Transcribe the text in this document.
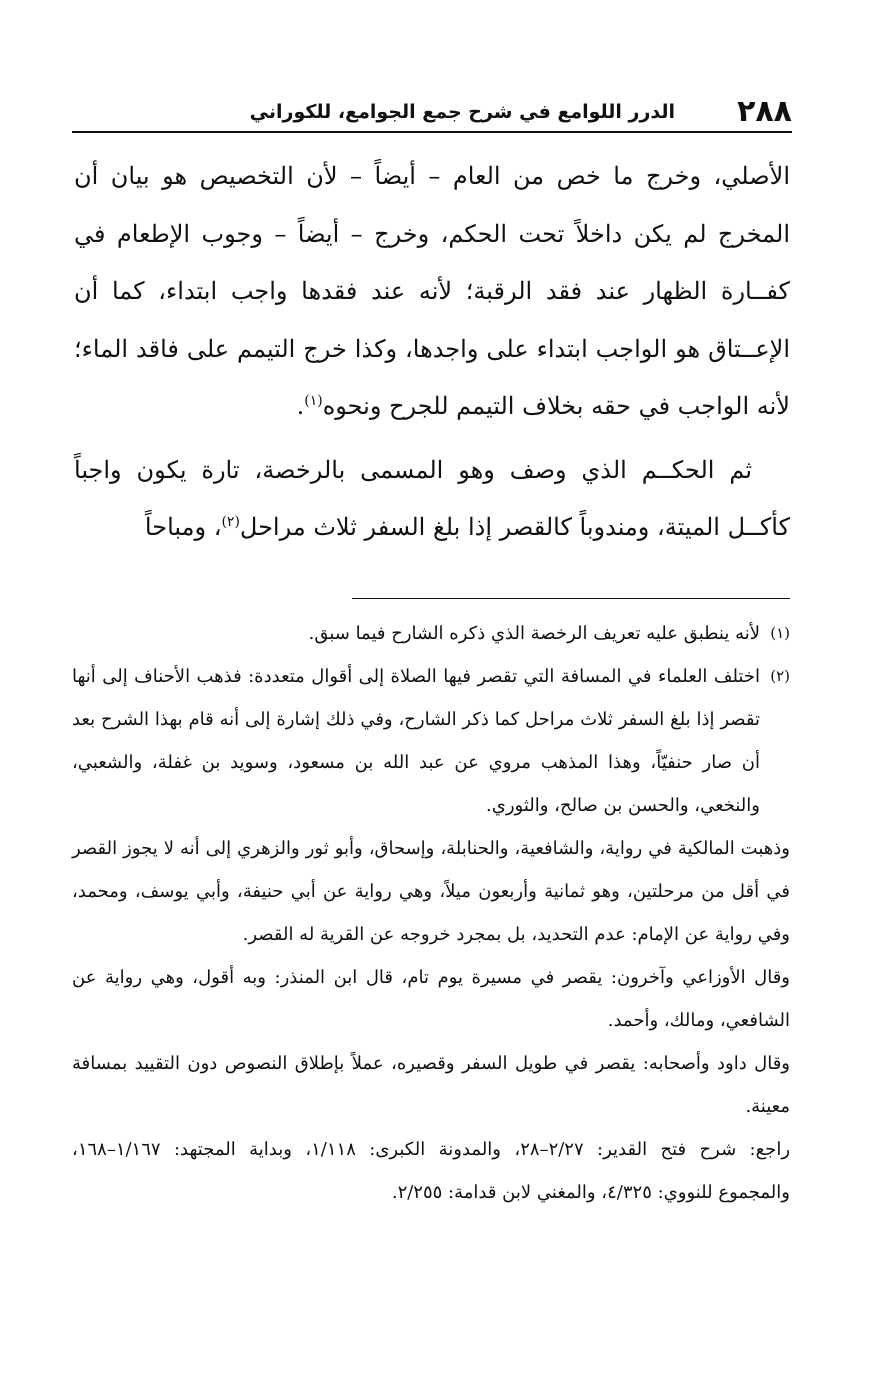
٢٨٨
الدرر اللوامع في شرح جمع الجوامع، للكوراني

الأصلي، وخرج ما خص من العام – أيضاً – لأن التخصيص هو بيان أن المخرج لم يكن داخلاً تحت الحكم، وخرج – أيضاً – وجوب الإطعام في كفــارة الظهار عند فقد الرقبة؛ لأنه عند فقدها واجب ابتداء، كما أن الإعــتاق هو الواجب ابتداء على واجدها، وكذا خرج التيمم على فاقد الماء؛ لأنه الواجب في حقه بخلاف التيمم للجرح ونحوه$^{(١)}$.

ثم الحكــم الذي وصف وهو المسمى بالرخصة، تارة يكون واجباً كأكــل الميتة، ومندوباً كالقصر إذا بلغ السفر ثلاث مراحل$^{(٢)}$، ومباحاً

(١)

لأنه ينطبق عليه تعريف الرخصة الذي ذكره الشارح فيما سبق.

(٢)

اختلف العلماء في المسافة التي تقصر فيها الصلاة إلى أقوال متعددة: فذهب الأحناف إلى أنها تقصر إذا بلغ السفر ثلاث مراحل كما ذكر الشارح، وفي ذلك إشارة إلى أنه قام بهذا الشرح بعد أن صار حنفيّاً، وهذا المذهب مروي عن عبد الله بن مسعود، وسويد بن غفلة، والشعبي، والنخعي، والحسن بن صالح، والثوري.

وذهبت المالكية في رواية، والشافعية، والحنابلة، وإسحاق، وأبو ثور والزهري إلى أنه لا يجوز القصر في أقل من مرحلتين، وهو ثمانية وأربعون ميلاً، وهي رواية عن أبي حنيفة، وأبي يوسف، ومحمد، وفي رواية عن الإمام: عدم التحديد، بل بمجرد خروجه عن القرية له القصر.

وقال الأوزاعي وآخرون: يقصر في مسيرة يوم تام، قال ابن المنذر: وبه أقول، وهي رواية عن الشافعي، ومالك، وأحمد.

وقال داود وأصحابه: يقصر في طويل السفر وقصيره، عملاً بإطلاق النصوص دون التقييد بمسافة معينة.

راجع: شرح فتح القدير: ٢/٢٧–٢٨، والمدونة الكبرى: ١/١١٨، وبداية المجتهد: ١/١٦٧–١٦٨، والمجموع للنووي: ٤/٣٢٥، والمغني لابن قدامة: ٢/٢٥٥.
